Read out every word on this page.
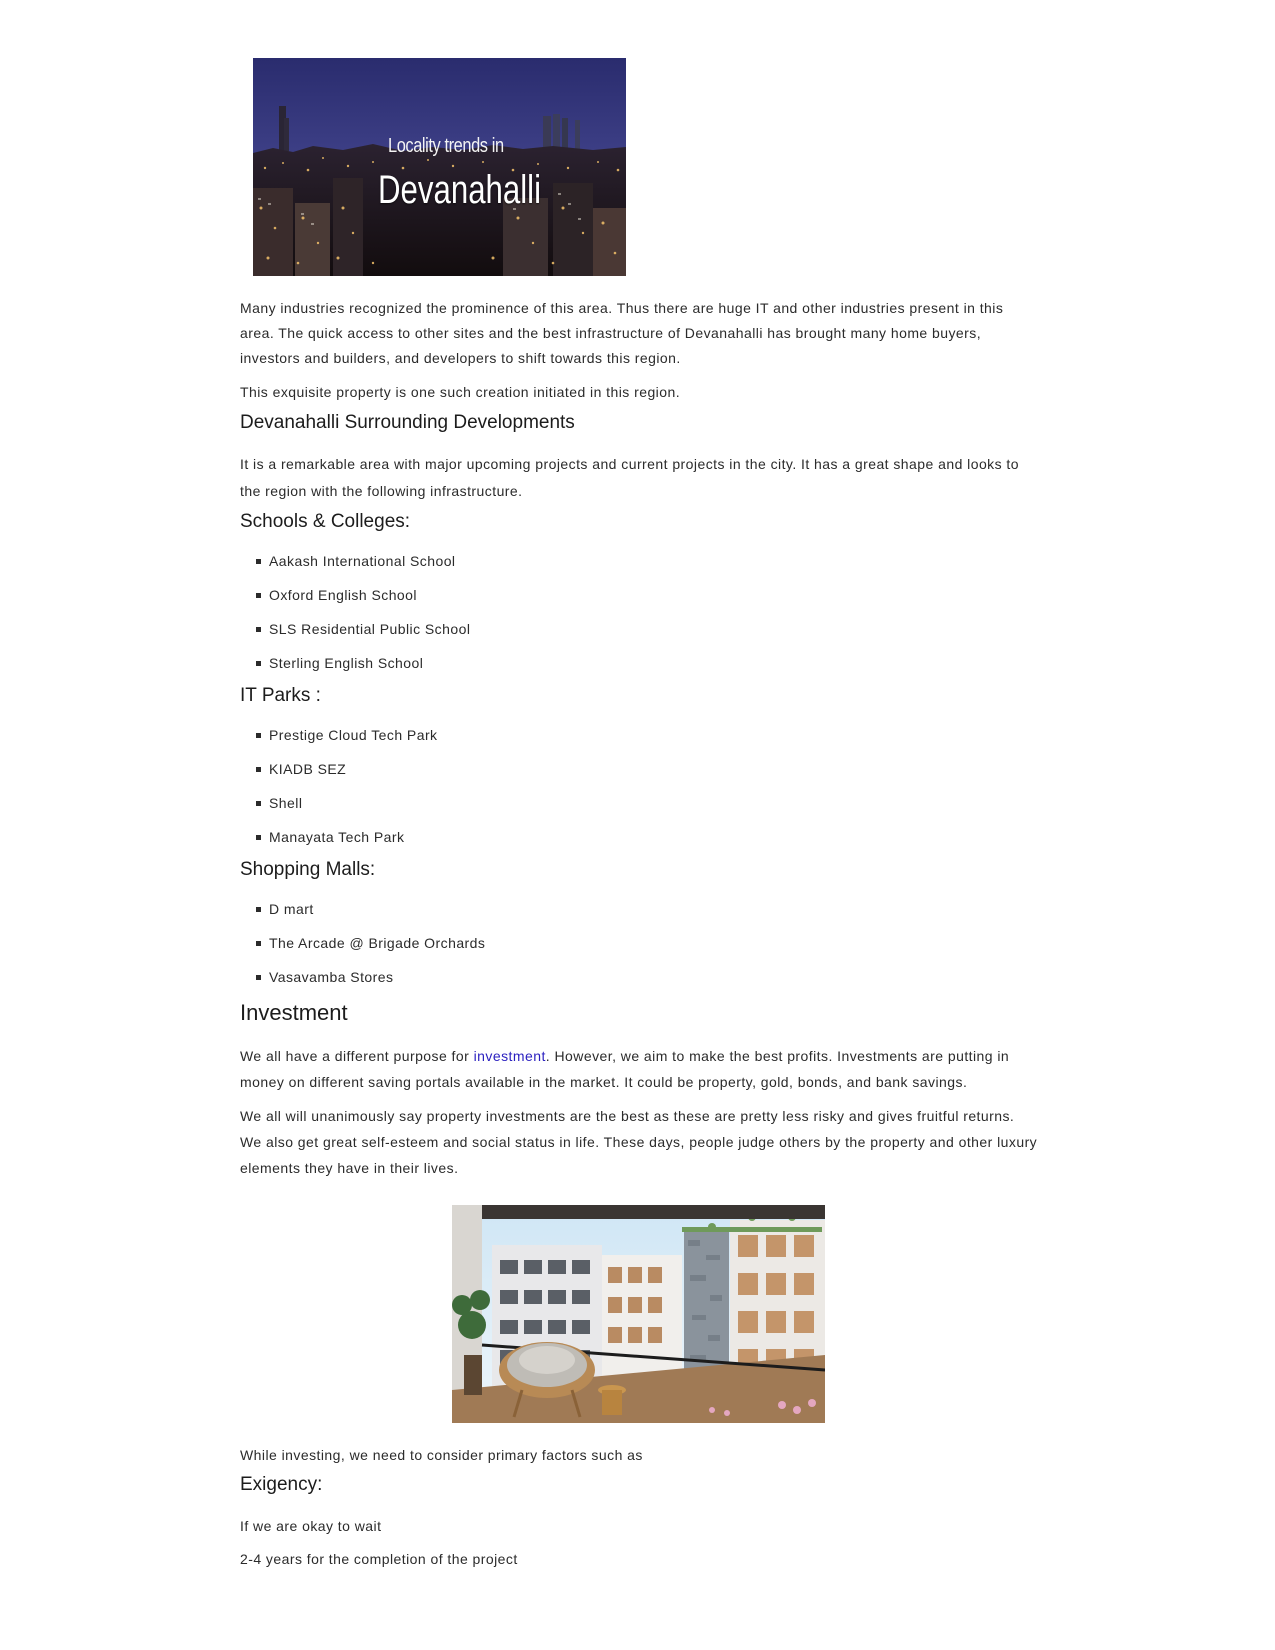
Locality trends in
Devanahalli

Many industries recognized the prominence of this area. Thus there are huge IT and other industries present in this area. The quick access to other sites and the best infrastructure of Devanahalli has brought many home buyers, investors and builders, and developers to shift towards this region.

This exquisite property is one such creation initiated in this region.

Devanahalli Surrounding Developments

It is a remarkable area with major upcoming projects and current projects in the city. It has a great shape and looks to the region with the following infrastructure.

Schools & Colleges:
Aakash International School
Oxford English School
SLS Residential Public School
Sterling English School
IT Parks :
Prestige Cloud Tech Park
KIADB SEZ
Shell
Manayata Tech Park
Shopping Malls:
D mart
The Arcade @ Brigade Orchards
Vasavamba Stores
Investment

We all have a different purpose for investment. However, we aim to make the best profits. Investments are putting in money on different saving portals available in the market. It could be property, gold, bonds, and bank savings.

We all will unanimously say property investments are the best as these are pretty less risky and gives fruitful returns. We also get great self-esteem and social status in life. These days, people judge others by the property and other luxury elements they have in their lives.

While investing, we need to consider primary factors such as

Exigency:

If we are okay to wait

2-4 years for the completion of the project
